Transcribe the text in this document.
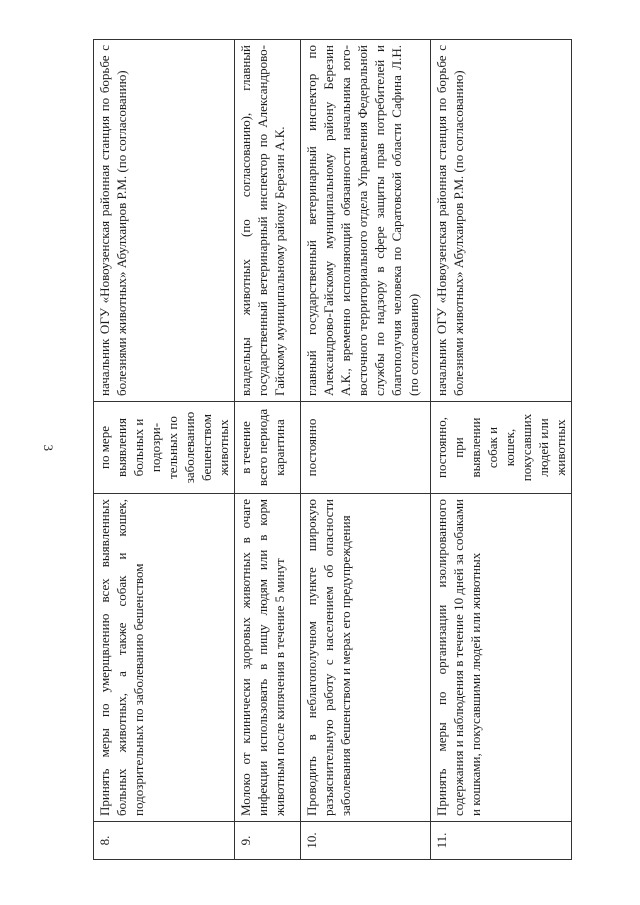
3
8.	Принять меры по умерщвлению всех выявленных больных животных, а также собак и кошек, подозрительных по заболеванию бешенством	по мере выявления больных и подозри-тельных по заболеванию бешенством животных	начальник ОГУ «Новоузенская районная станция по борьбе с болезнями животных» Абулхаиров Р.М. (по согласованию)
9.	Молоко от клинически здоровых животных в очаге инфекции использовать в пищу людям или в корм животным после кипячения в течение 5 минут	в течение всего периода карантина	владельцы животных (по согласованию), главный государственный ветеринарный инспектор по Александрово-Гайскому муниципальному району Березин А.К.
10.	Проводить в неблагополучном пункте широкую разъяснительную работу с населением об опасности заболевания бешенством и мерах его предупреждения	постоянно	главный государственный ветеринарный инспектор по Александрово-Гайскому муниципальному району Березин А.К., временно исполняющий обязанности начальника юго-восточного территориального отдела Управления Федеральной службы по надзору в сфере защиты прав потребителей и благополучия человека по Саратовской области Сафина Л.Н. (по согласованию)
11.	Принять меры по организации изолированного содержания и наблюдения в течение 10 дней за собаками и кошками, покусавшими людей или животных	постоянно, при выявлении собак и кошек, покусавших людей или животных	начальник ОГУ «Новоузенская районная станция по борьбе с болезнями животных» Абулхаиров Р.М. (по согласованию)
